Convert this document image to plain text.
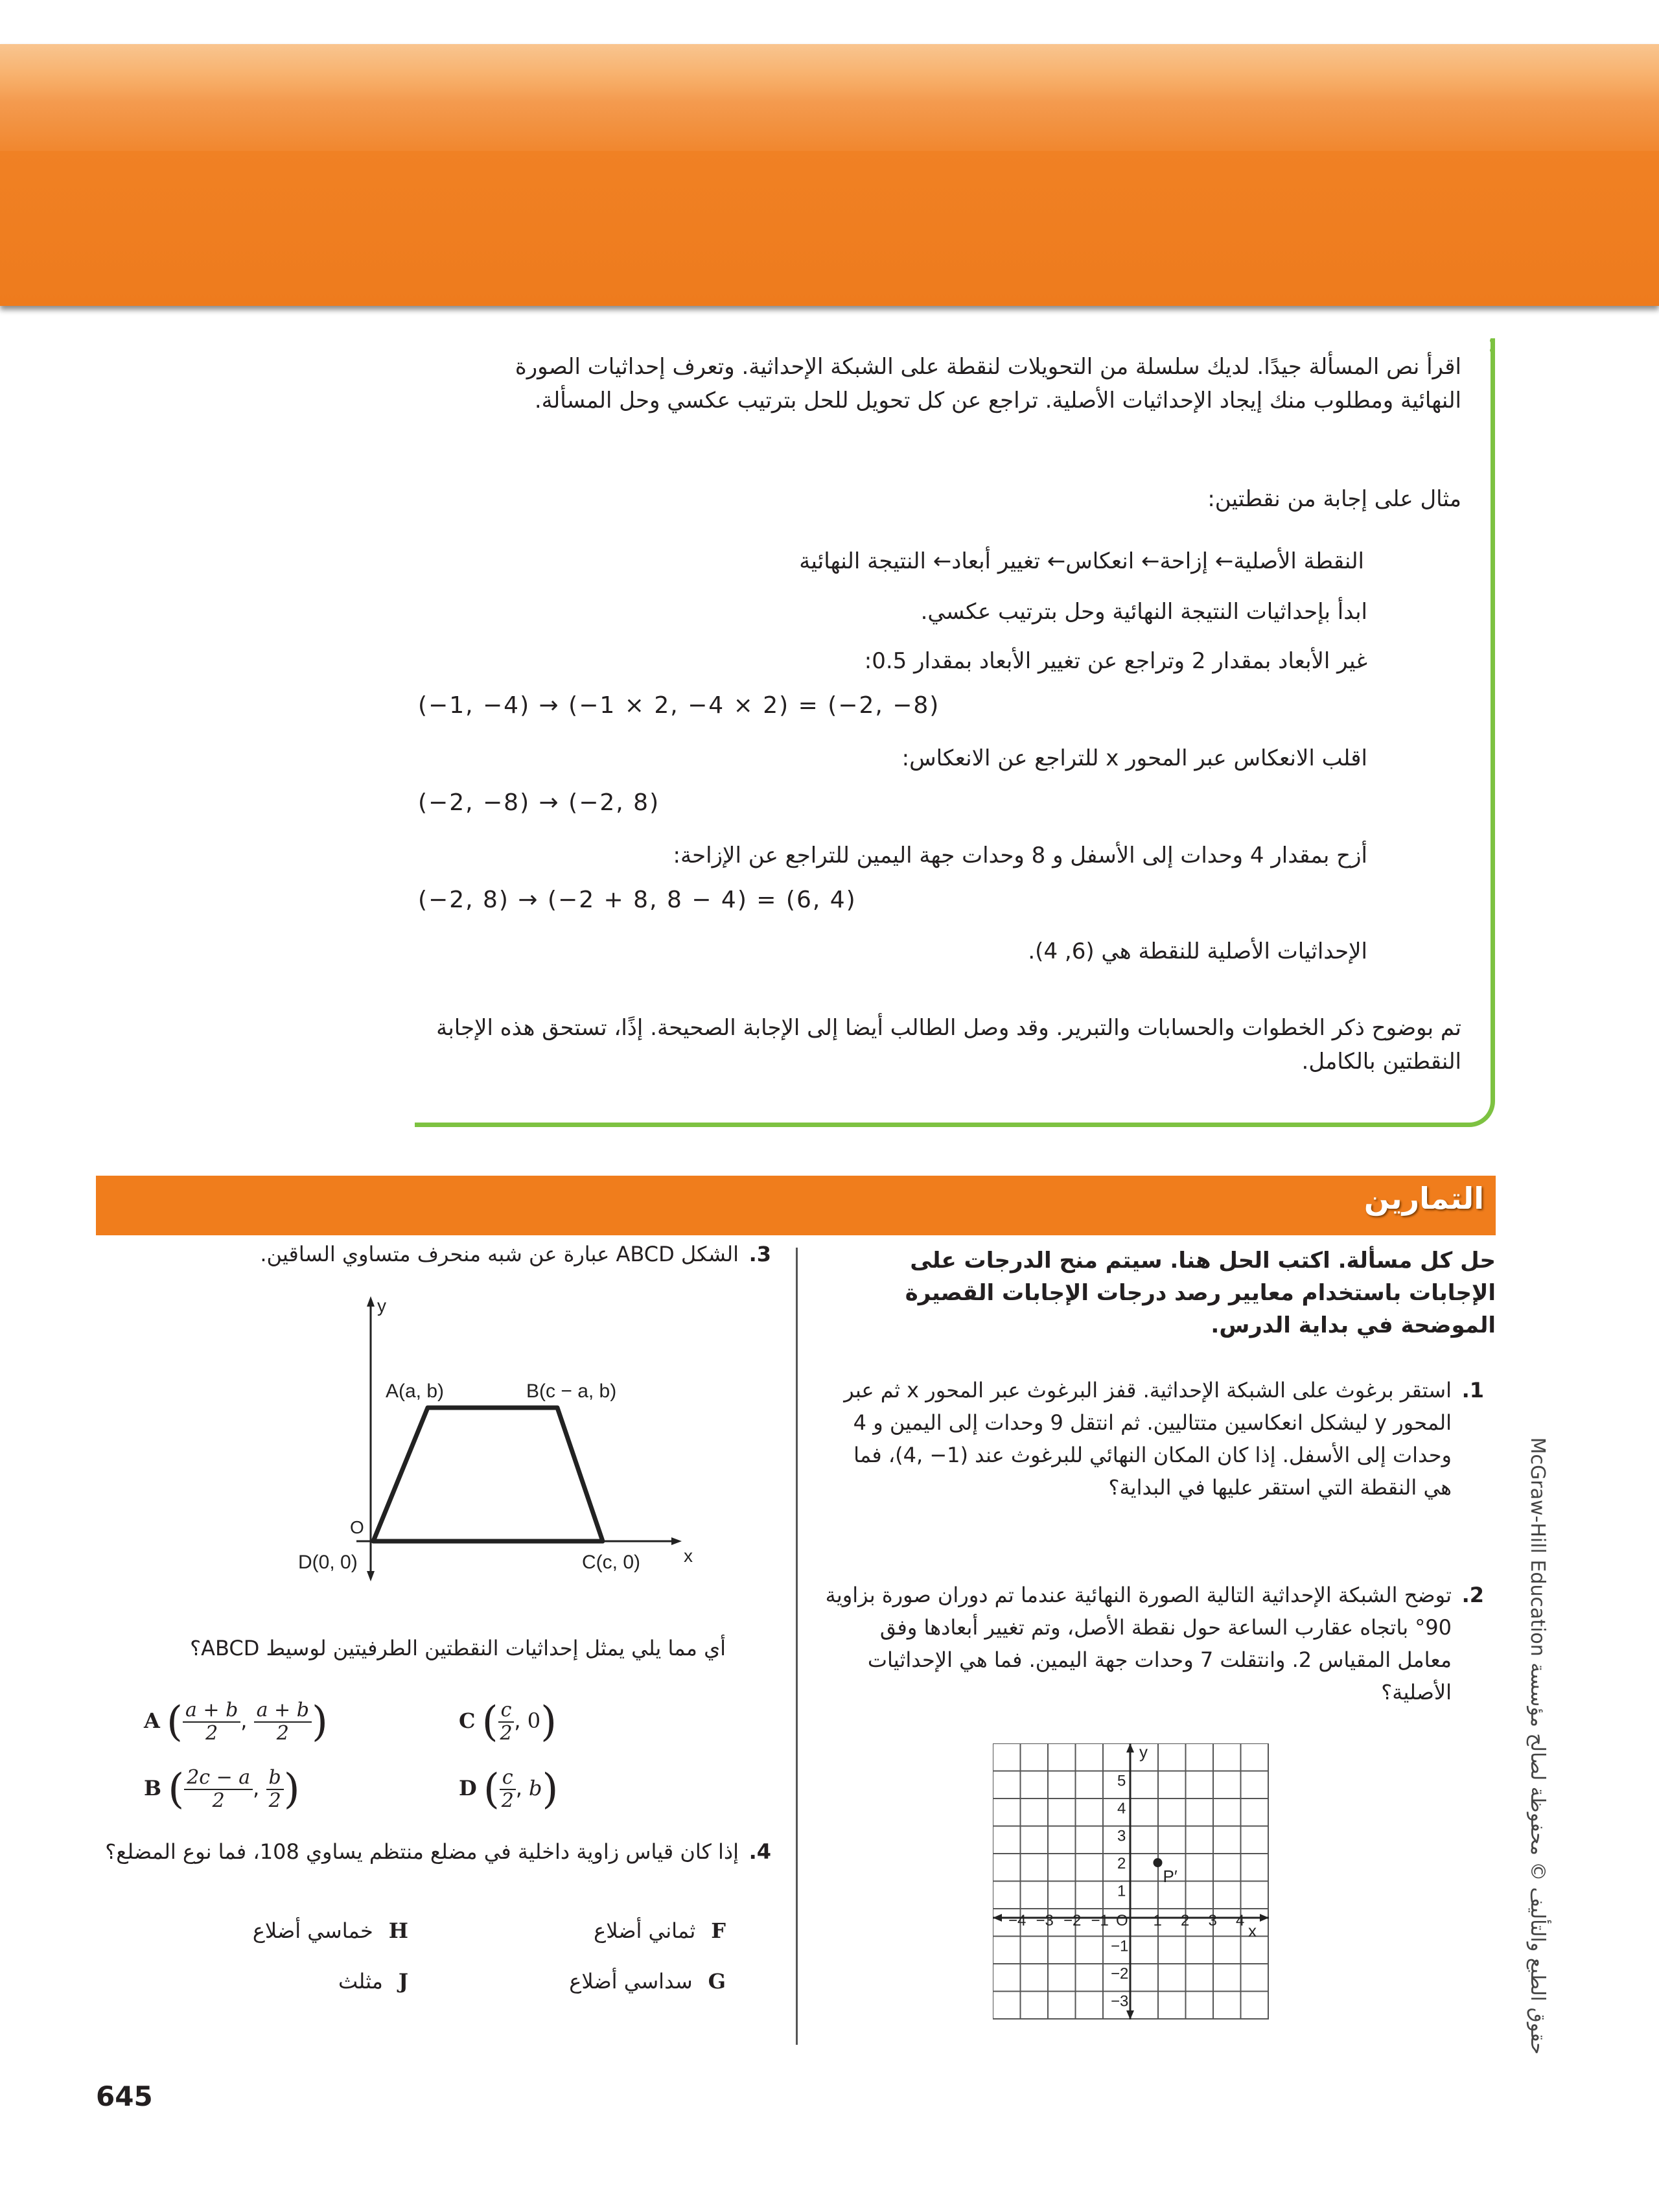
اقرأ نص المسألة جيدًا. لديك سلسلة من التحويلات لنقطة على الشبكة الإحداثية. وتعرف إحداثيات الصورة النهائية ومطلوب منك إيجاد الإحداثيات الأصلية. تراجع عن كل تحويل للحل بترتيب عكسي وحل المسألة.
مثال على إجابة من نقطتين:
النقطة الأصلية← إزاحة← انعكاس← تغيير أبعاد← النتيجة النهائية
ابدأ بإحداثيات النتيجة النهائية وحل بترتيب عكسي.
غير الأبعاد بمقدار 2 وتراجع عن تغيير الأبعاد بمقدار 0.5:
(−1, −4) → (−1 × 2, −4 × 2) = (−2, −8)
اقلب الانعكاس عبر المحور x للتراجع عن الانعكاس:
(−2, −8) → (−2, 8)
أزح بمقدار 4 وحدات إلى الأسفل و 8 وحدات جهة اليمين للتراجع عن الإزاحة:
(−2, 8) → (−2 + 8, 8 − 4) = (6, 4)
الإحداثيات الأصلية للنقطة هي (6, 4).
تم بوضوح ذكر الخطوات والحسابات والتبرير. وقد وصل الطالب أيضا إلى الإجابة الصحيحة. إذًا، تستحق هذه الإجابة النقطتين بالكامل.
التمارين
حل كل مسألة. اكتب الحل هنا. سيتم منح الدرجات على الإجابات باستخدام معايير رصد درجات الإجابات القصيرة الموضحة في بداية الدرس.
1.
استقر برغوث على الشبكة الإحداثية. قفز البرغوث عبر المحور x ثم عبر المحور y ليشكل انعكاسين متتاليين. ثم انتقل 9 وحدات إلى اليمين و 4 وحدات إلى الأسفل. إذا كان المكان النهائي للبرغوث عند (1− ,4)، فما هي النقطة التي استقر عليها في البداية؟
2.
توضح الشبكة الإحداثية التالية الصورة النهائية عندما تم دوران صورة بزاوية 90° باتجاه عقارب الساعة حول نقطة الأصل، وتم تغيير أبعادها وفق معامل المقياس 2. وانتقلت 7 وحدات جهة اليمين. فما هي الإحداثيات الأصلية؟
−4 −3 −2 −1 O 1 2 3 4
5
4
3
2
1
−1
−2
−3
y
x
P′
3.
الشكل ABCD عبارة عن شبه منحرف متساوي الساقين.
y
x
O
A(a, b)	B(c − a, b)
C(c, 0)
D(0, 0)
أي مما يلي يمثل إحداثيات النقطتين الطرفيتين لوسيط ABCD؟
A ( $\frac{a + b}{2}$ , $\frac{a + b}{2}$ )
B ( $\frac{2c - a}{2}$ , $\frac{b}{2}$ )
C ( $\frac{c}{2}$ , 0)
D ( $\frac{c}{2}$ , b)
4.
إذا كان قياس زاوية داخلية في مضلع منتظم يساوي 108، فما نوع المضلع؟
Fثماني أضلاع
Hخماسي أضلاع
Gسداسي أضلاع
Jمثلث
حقوق الطبع والتأليف © محفوظة لصالح مؤسسة McGraw-Hill Education
645
